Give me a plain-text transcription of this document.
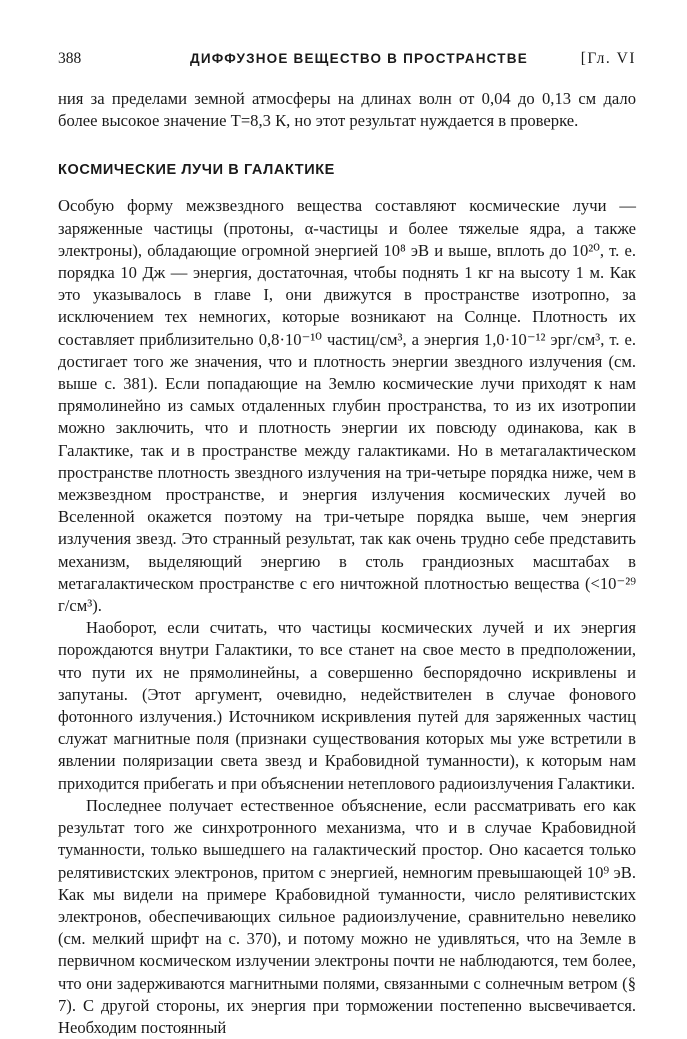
388	ДИФФУЗНОЕ ВЕЩЕСТВО В ПРОСТРАНСТВЕ	[Гл. VI

ния за пределами земной атмосферы на длинах волн от 0,04 до 0,13 см дало более высокое значение T=8,3 К, но этот результат нуждается в проверке.

КОСМИЧЕСКИЕ ЛУЧИ В ГАЛАКТИКЕ

Особую форму межзвездного вещества составляют космические лучи — заряженные частицы (протоны, α-частицы и более тяжелые ядра, а также электроны), обладающие огромной энергией 10⁸ эВ и выше, вплоть до 10²⁰, т. е. порядка 10 Дж — энергия, достаточная, чтобы поднять 1 кг на высоту 1 м. Как это указывалось в главе I, они движутся в пространстве изотропно, за исключением тех немногих, которые возникают на Солнце. Плотность их составляет приблизительно 0,8·10⁻¹⁰ частиц/см³, а энергия 1,0·10⁻¹² эрг/см³, т. е. достигает того же значения, что и плотность энергии звездного излучения (см. выше с. 381). Если попадающие на Землю космические лучи приходят к нам прямолинейно из самых отдаленных глубин пространства, то из их изотропии можно заключить, что и плотность энергии их повсюду одинакова, как в Галактике, так и в пространстве между галактиками. Но в метагалактическом пространстве плотность звездного излучения на три-четыре порядка ниже, чем в межзвездном пространстве, и энергия излучения космических лучей во Вселенной окажется поэтому на три-четыре порядка выше, чем энергия излучения звезд. Это странный результат, так как очень трудно себе представить механизм, выделяющий энергию в столь грандиозных масштабах в метагалактическом пространстве с его ничтожной плотностью вещества (<10⁻²⁹ г/см³).

Наоборот, если считать, что частицы космических лучей и их энергия порождаются внутри Галактики, то все станет на свое место в предположении, что пути их не прямолинейны, а совершенно беспорядочно искривлены и запутаны. (Этот аргумент, очевидно, недействителен в случае фонового фотонного излучения.) Источником искривления путей для заряженных частиц служат магнитные поля (признаки существования которых мы уже встретили в явлении поляризации света звезд и Крабовидной туманности), к которым нам приходится прибегать и при объяснении нетеплового радиоизлучения Галактики.

Последнее получает естественное объяснение, если рассматривать его как результат того же синхротронного механизма, что и в случае Крабовидной туманности, только вышедшего на галактический простор. Оно касается только релятивистских электронов, притом с энергией, немногим превышающей 10⁹ эВ. Как мы видели на примере Крабовидной туманности, число релятивистских электронов, обеспечивающих сильное радиоизлучение, сравнительно невелико (см. мелкий шрифт на с. 370), и потому можно не удивляться, что на Земле в первичном космическом излучении электроны почти не наблюдаются, тем более, что они задерживаются магнитными полями, связанными с солнечным ветром (§ 7). С другой стороны, их энергия при торможении постепенно высвечивается. Необходим постоянный
